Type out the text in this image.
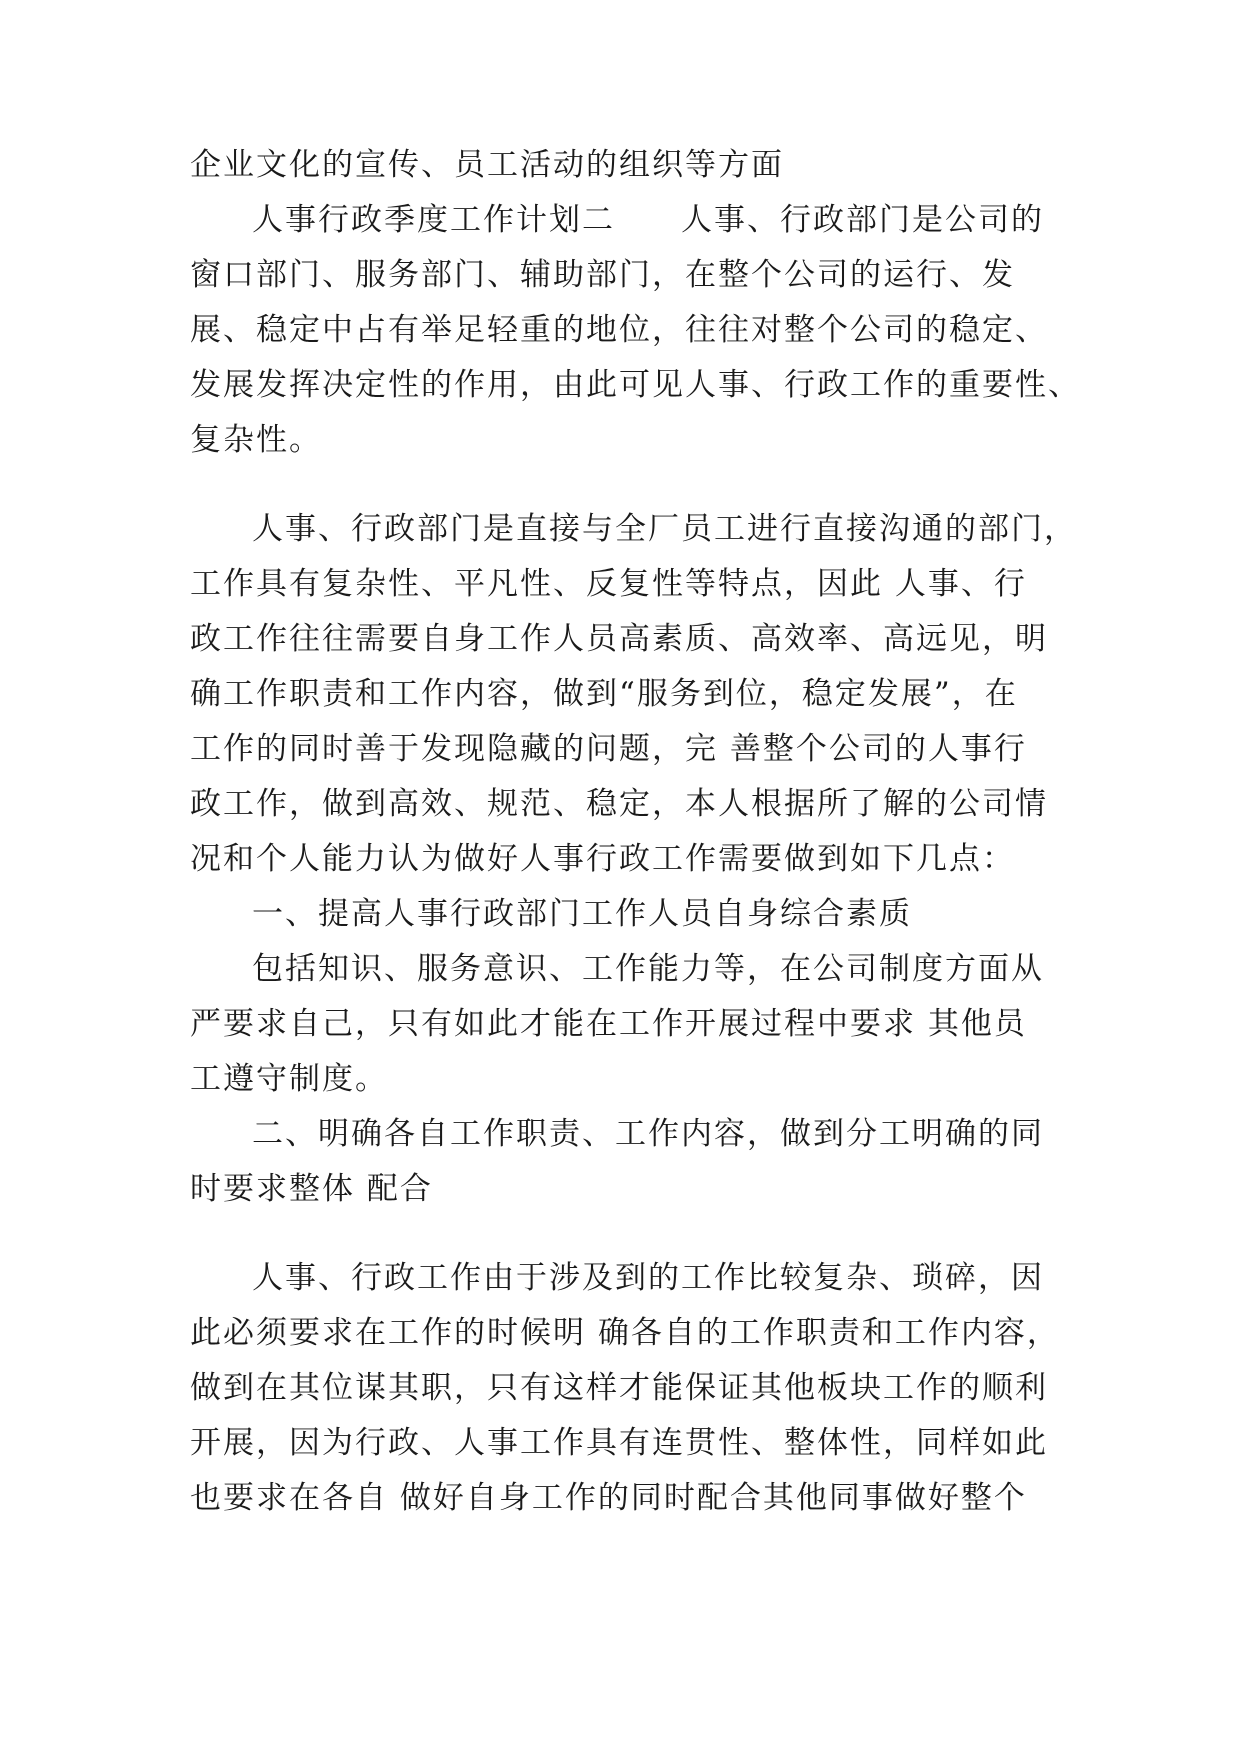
企业文化的宣传、员工活动的组织等方面
人事行政季度工作计划二　　人事、行政部门是公司的
窗口部门、服务部门、辅助部门，在整个公司的运行、发
展、稳定中占有举足轻重的地位，往往对整个公司的稳定、
发展发挥决定性的作用，由此可见人事、行政工作的重要性、
复杂性。
人事、行政部门是直接与全厂员工进行直接沟通的部门，
工作具有复杂性、平凡性、反复性等特点，因此 人事、行
政工作往往需要自身工作人员高素质、高效率、高远见，明
确工作职责和工作内容，做到“服务到位，稳定发展”，在
工作的同时善于发现隐藏的问题，完 善整个公司的人事行
政工作，做到高效、规范、稳定，本人根据所了解的公司情
况和个人能力认为做好人事行政工作需要做到如下几点：
一、提高人事行政部门工作人员自身综合素质
包括知识、服务意识、工作能力等，在公司制度方面从
严要求自己，只有如此才能在工作开展过程中要求 其他员
工遵守制度。
二、明确各自工作职责、工作内容，做到分工明确的同
时要求整体 配合
人事、行政工作由于涉及到的工作比较复杂、琐碎，因
此必须要求在工作的时候明 确各自的工作职责和工作内容，
做到在其位谋其职，只有这样才能保证其他板块工作的顺利
开展，因为行政、人事工作具有连贯性、整体性，同样如此
也要求在各自 做好自身工作的同时配合其他同事做好整个
